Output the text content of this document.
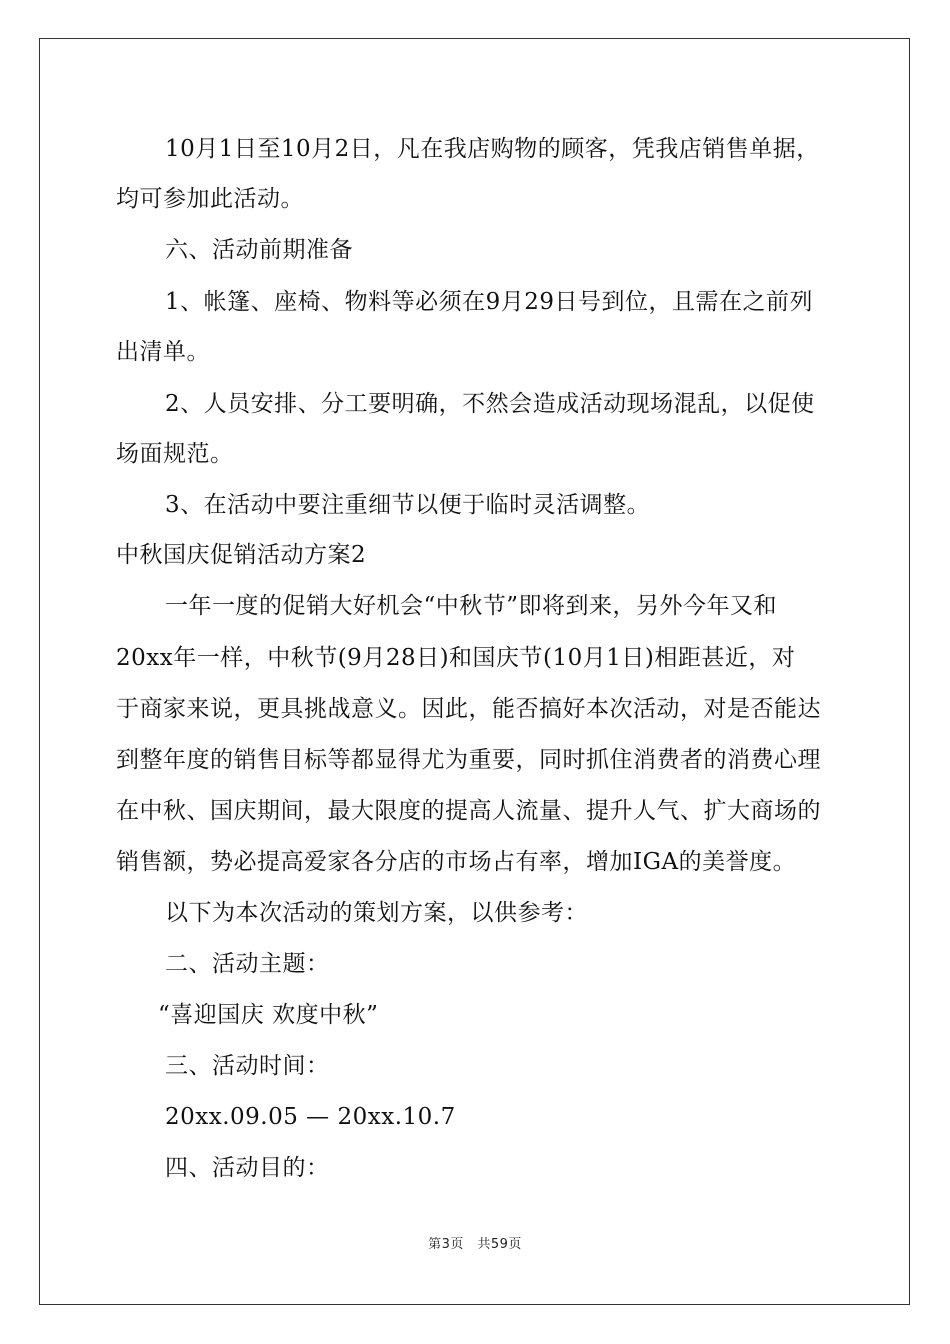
10月1日至10月2日，凡在我店购物的顾客，凭我店销售单据，
均可参加此活动。
六、活动前期准备
1、帐篷、座椅、物料等必须在9月29日号到位，且需在之前列
出清单。
2、人员安排、分工要明确，不然会造成活动现场混乱，以促使
场面规范。
3、在活动中要注重细节以便于临时灵活调整。
中秋国庆促销活动方案2
一年一度的促销大好机会“中秋节”即将到来，另外今年又和
20xx年一样，中秋节(9月28日)和国庆节(10月1日)相距甚近，对
于商家来说，更具挑战意义。因此，能否搞好本次活动，对是否能达
到整年度的销售目标等都显得尤为重要，同时抓住消费者的消费心理
在中秋、国庆期间，最大限度的提高人流量、提升人气、扩大商场的
销售额，势必提高爱家各分店的市场占有率，增加IGA的美誉度。
以下为本次活动的策划方案，以供参考：
二、活动主题：
“喜迎国庆 欢度中秋”
三、活动时间：
20xx.09.05 — 20xx.10.7
四、活动目的：
第3页　共59页
